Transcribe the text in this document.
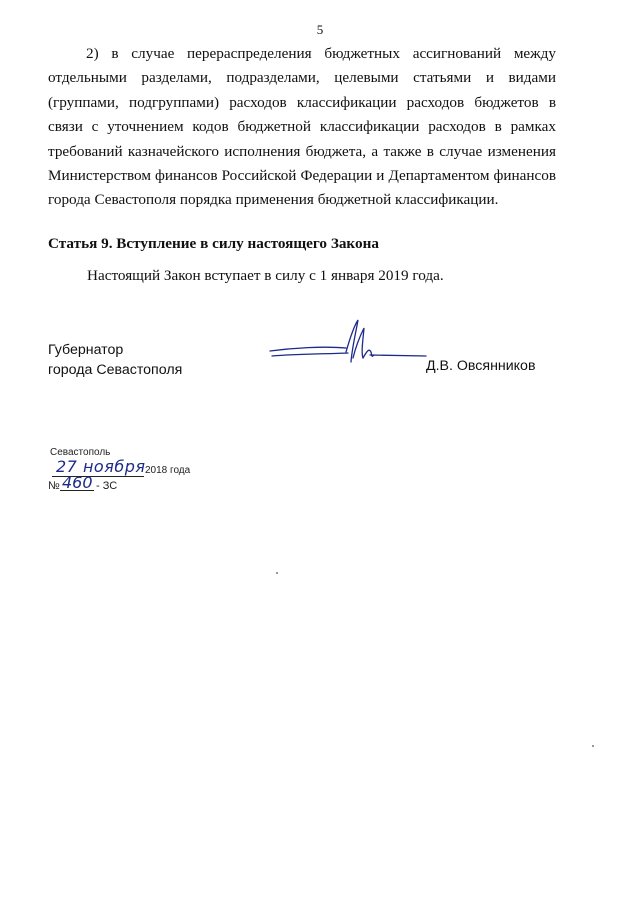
5
2) в случае перераспределения бюджетных ассигнований между отдельными разделами, подразделами, целевыми статьями и видами (группами, подгруппами) расходов классификации расходов бюджетов в связи с уточнением кодов бюджетной классификации расходов в рамках требований казначейского исполнения бюджета, а также в случае изменения Министерством финансов Российской Федерации и Департаментом финансов города Севастополя порядка применения бюджетной классификации.
Статья 9. Вступление в силу настоящего Закона
Настоящий Закон вступает в силу с 1 января 2019 года.
Губернатор
города Севастополя	Д.В. Овсянников
Севастополь
27 ноября 2018 года
№ 460 - ЗС
